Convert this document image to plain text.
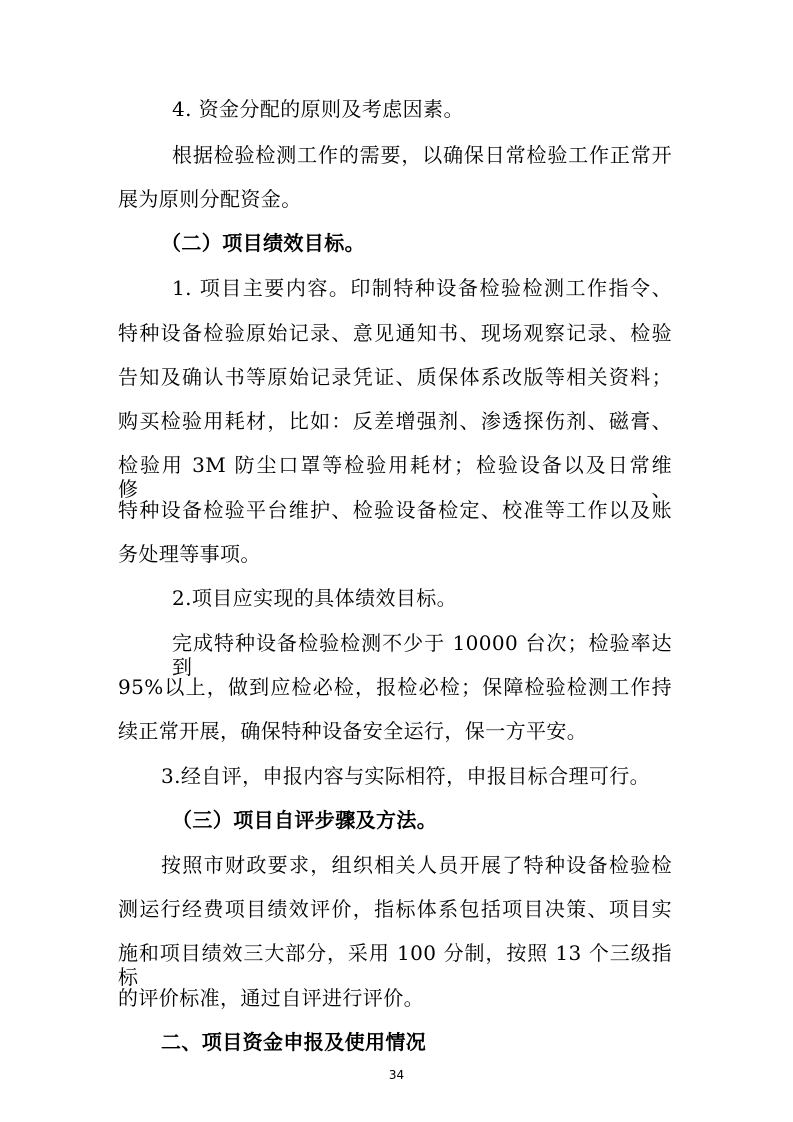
4. 资金分配的原则及考虑因素。
根据检验检测工作的需要，以确保日常检验工作正常开
展为原则分配资金。
（二）项目绩效目标。
1. 项目主要内容。印制特种设备检验检测工作指令、
特种设备检验原始记录、意见通知书、现场观察记录、检验
告知及确认书等原始记录凭证、质保体系改版等相关资料；
购买检验用耗材，比如：反差增强剂、渗透探伤剂、磁膏、
检验用 3M 防尘口罩等检验用耗材；检验设备以及日常维修、
特种设备检验平台维护、检验设备检定、校准等工作以及账
务处理等事项。
2.项目应实现的具体绩效目标。
完成特种设备检验检测不少于 10000 台次；检验率达到
95%以上，做到应检必检，报检必检；保障检验检测工作持
续正常开展，确保特种设备安全运行，保一方平安。
3.经自评，申报内容与实际相符，申报目标合理可行。
（三）项目自评步骤及方法。
按照市财政要求，组织相关人员开展了特种设备检验检
测运行经费项目绩效评价，指标体系包括项目决策、项目实
施和项目绩效三大部分，采用 100 分制，按照 13 个三级指标
的评价标准，通过自评进行评价。
二、项目资金申报及使用情况
34
